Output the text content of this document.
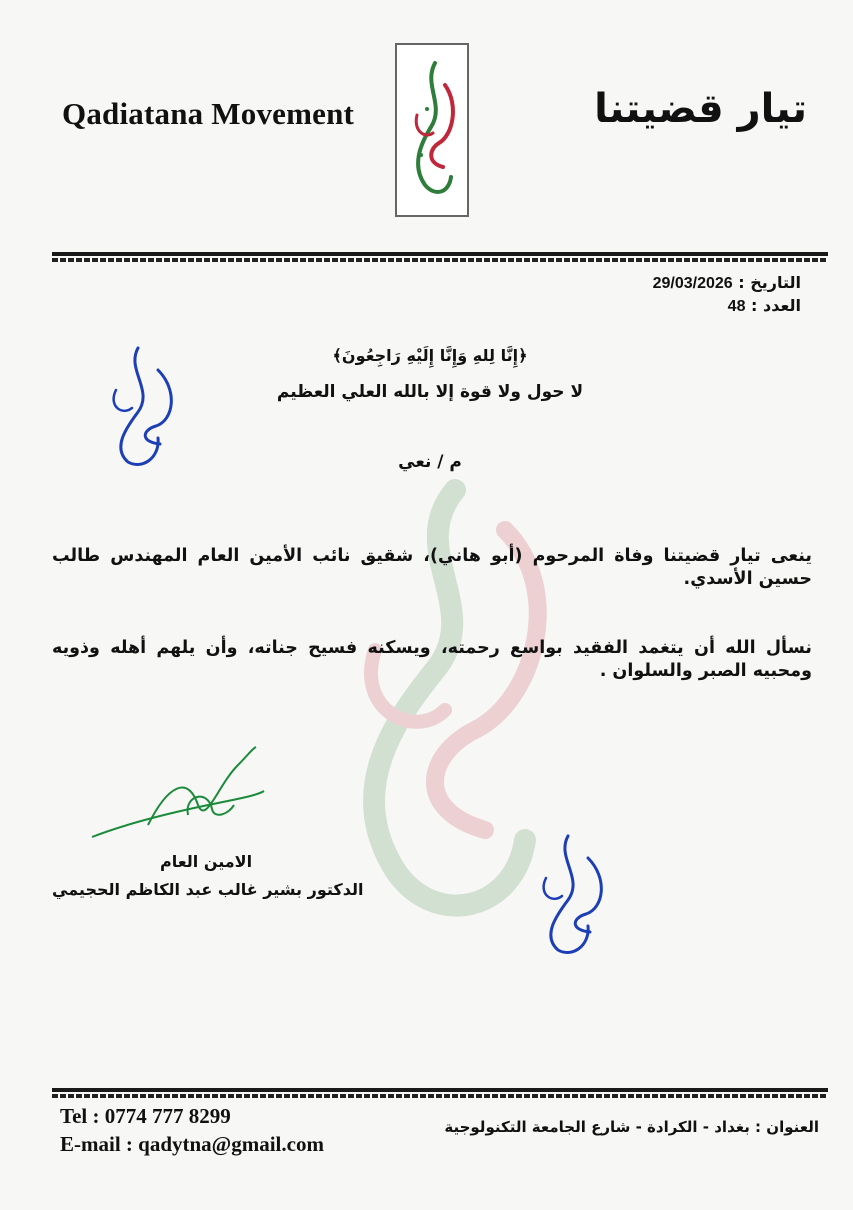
Qadiatana Movement	تيار قضيتنا
التاريخ : 29/03/2026
العدد : 48
﴿إِنَّا لِلهِ وَإِنَّا إِلَيْهِ رَاجِعُونَ﴾
لا حول ولا قوة إلا بالله العلي العظيم
م / نعي
ينعى تيار قضيتنا وفاة المرحوم (أبو هاني)، شقيق نائب الأمين العام المهندس طالب حسين الأسدي.
نسأل الله أن يتغمد الفقيد بواسع رحمته، ويسكنه فسيح جناته، وأن يلهم أهله وذويه ومحبيه الصبر والسلوان .
الامين العام
الدكتور بشير غالب عبد الكاظم الحجيمي
Tel : 0774 777 8299
E-mail : qadytna@gmail.com
العنوان : بغداد - الكرادة - شارع الجامعة التكنولوجية
